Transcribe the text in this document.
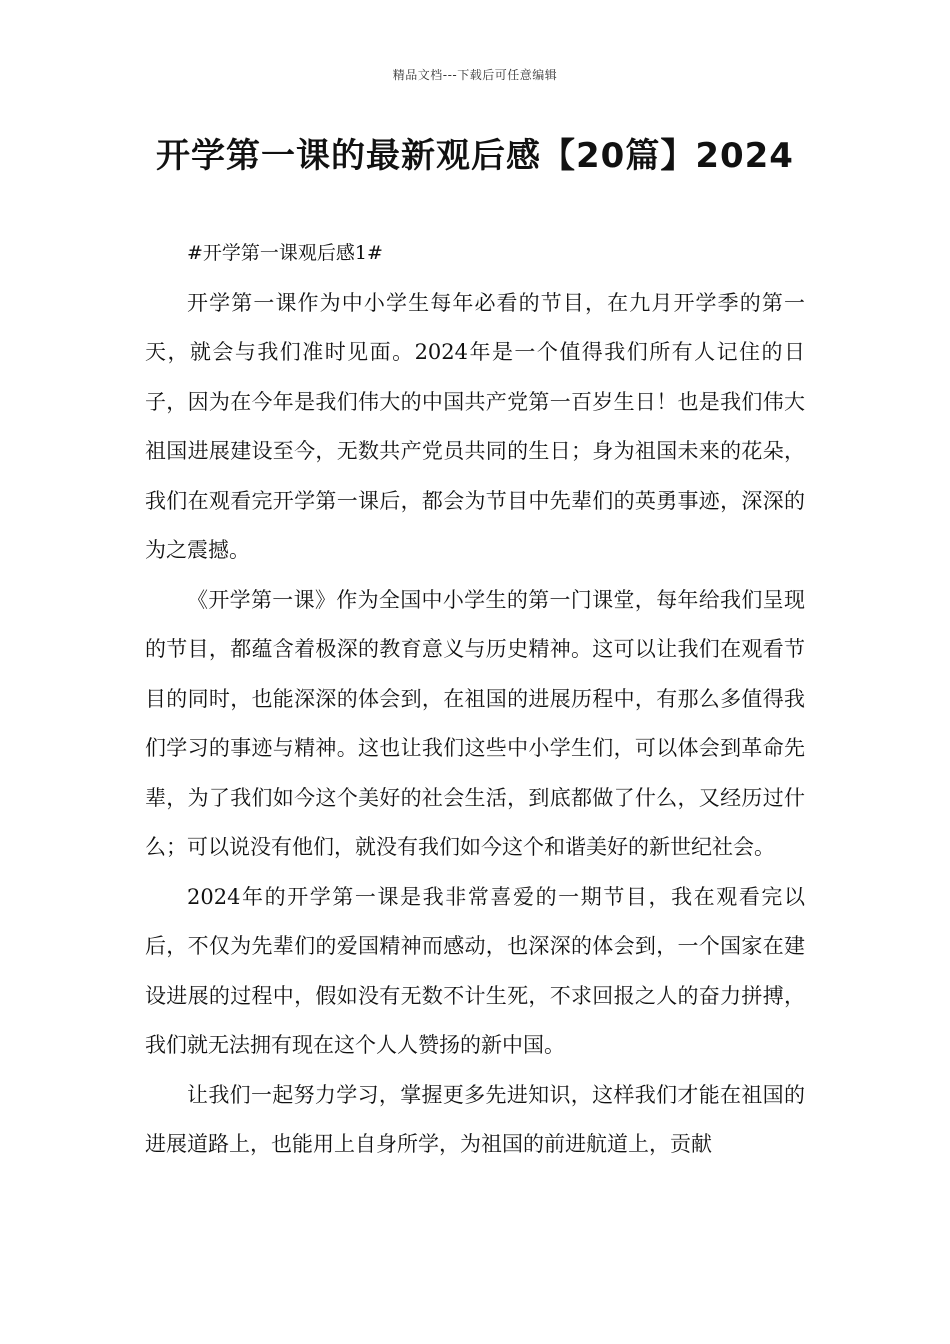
精品文档---下载后可任意编辑
开学第一课的最新观后感【20篇】2024

#开学第一课观后感1#

开学第一课作为中小学生每年必看的节目，在九月开学季的第一天，就会与我们准时见面。2024年是一个值得我们所有人记住的日子，因为在今年是我们伟大的中国共产党第一百岁生日！也是我们伟大祖国进展建设至今，无数共产党员共同的生日；身为祖国未来的花朵，我们在观看完开学第一课后，都会为节目中先辈们的英勇事迹，深深的为之震撼。

《开学第一课》作为全国中小学生的第一门课堂，每年给我们呈现的节目，都蕴含着极深的教育意义与历史精神。这可以让我们在观看节目的同时，也能深深的体会到，在祖国的进展历程中，有那么多值得我们学习的事迹与精神。这也让我们这些中小学生们，可以体会到革命先辈，为了我们如今这个美好的社会生活，到底都做了什么，又经历过什么；可以说没有他们，就没有我们如今这个和谐美好的新世纪社会。

2024年的开学第一课是我非常喜爱的一期节目，我在观看完以后，不仅为先辈们的爱国精神而感动，也深深的体会到，一个国家在建设进展的过程中，假如没有无数不计生死，不求回报之人的奋力拼搏，我们就无法拥有现在这个人人赞扬的新中国。

让我们一起努力学习，掌握更多先进知识，这样我们才能在祖国的进展道路上，也能用上自身所学，为祖国的前进航道上，贡献
